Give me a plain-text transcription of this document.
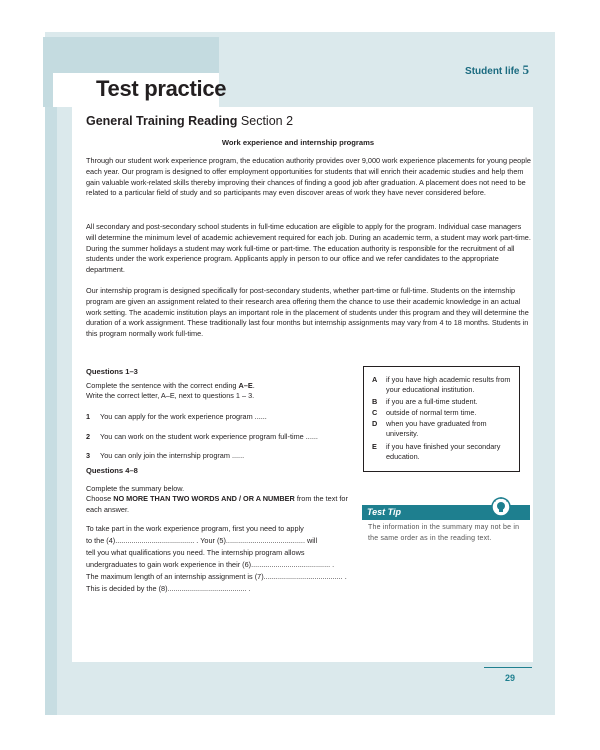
Test practice
Student life 5
General Training Reading Section 2
Work experience and internship programs

Through our student work experience program, the education authority provides over 9,000 work experience placements for young people each year. Our program is designed to offer employment opportunities for students that will enrich their academic studies and help them gain valuable work-related skills thereby improving their chances of finding a good job after graduation. A placement does not need to be related to a particular field of study and so participants may even discover areas of work they have never considered before.

All secondary and post-secondary school students in full-time education are eligible to apply for the program. Individual case managers will determine the minimum level of academic achievement required for each job. During an academic term, a student may work part-time. During the summer holidays a student may work full-time or part-time. The education authority is responsible for the recruitment of all students under the work experience program. Applicants apply in person to our office and we refer candidates to the appropriate department.

Our internship program is designed specifically for post-secondary students, whether part-time or full-time. Students on the internship program are given an assignment related to their research area offering them the chance to use their academic knowledge in an actual work setting. The academic institution plays an important role in the placement of students under this program and they will determine the duration of a work assignment. These traditionally last four months but internship assignments may vary from 4 to 18 months. Students in this program normally work full-time.

Questions 1–3

Complete the sentence with the correct ending A–E.
Write the correct letter, A–E, next to questions 1 – 3.

1 You can apply for the work experience program ......

2 You can work on the student work experience program full-time ......

3 You can only join the internship program ......

A	if you have high academic results from your educational institution.
B	if you are a full-time student.
C	outside of normal term time.
D	when you have graduated from university.
E	if you have finished your secondary education.

Questions 4–8

Complete the summary below.
Choose NO MORE THAN TWO WORDS AND / OR A NUMBER from the text for each answer.

To take part in the work experience program, first you need to apply

to the (4)....................................... . Your (5)....................................... will

tell you what qualifications you need. The internship program allows

undergraduates to gain work experience in their (6)....................................... .

The maximum length of an internship assignment is (7)....................................... .

This is decided by the (8)....................................... .

Test Tip
The information in the summary may not be in the same order as in the reading text.
29
